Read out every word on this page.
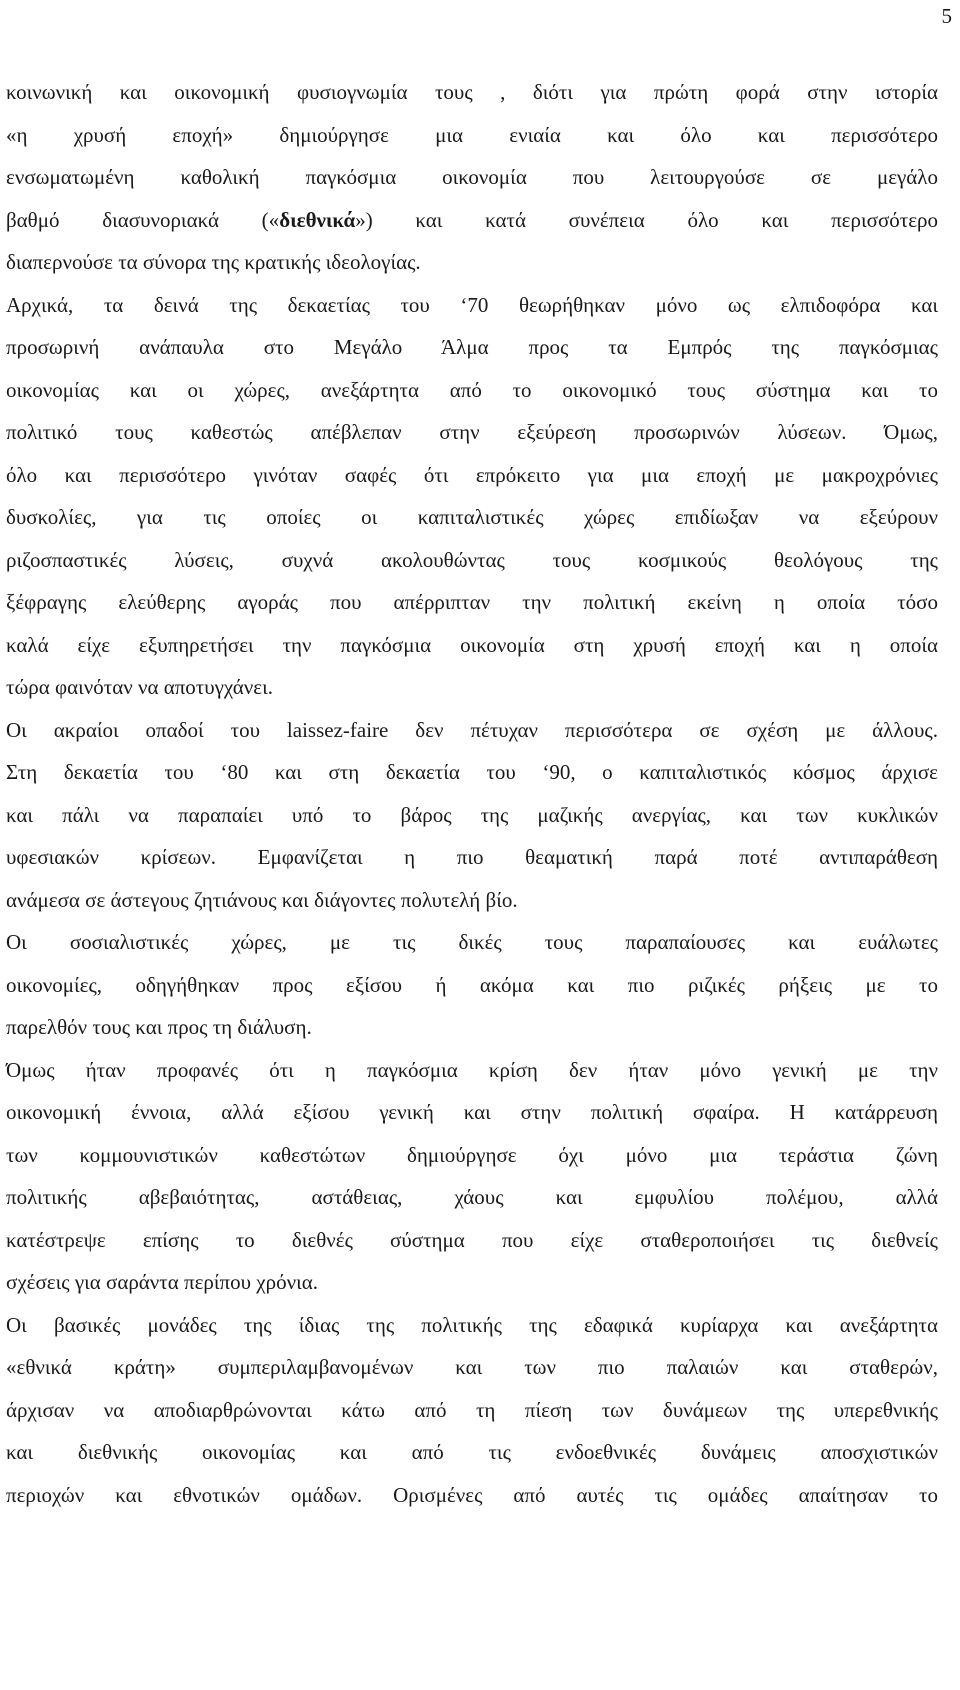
5
κοινωνική και οικονομική φυσιογνωμία τους , διότι για πρώτη φορά στην ιστορία
«η χρυσή εποχή» δημιούργησε μια ενιαία και όλο και περισσότερο
ενσωματωμένη καθολική παγκόσμια οικονομία που λειτουργούσε σε μεγάλο
βαθμό διασυνοριακά («διεθνικά») και κατά συνέπεια όλο και περισσότερο
διαπερνούσε τα σύνορα της κρατικής ιδεολογίας.
Αρχικά, τα δεινά της δεκαετίας του ‘70 θεωρήθηκαν μόνο ως ελπιδοφόρα και
προσωρινή ανάπαυλα στο Μεγάλο Άλμα προς τα Εμπρός της παγκόσμιας
οικονομίας και οι χώρες, ανεξάρτητα από το οικονομικό τους σύστημα και το
πολιτικό τους καθεστώς απέβλεπαν στην εξεύρεση προσωρινών λύσεων. Όμως,
όλο και περισσότερο γινόταν σαφές ότι επρόκειτο για μια εποχή με μακροχρόνιες
δυσκολίες, για τις οποίες οι καπιταλιστικές χώρες επιδίωξαν να εξεύρουν
ριζοσπαστικές λύσεις, συχνά ακολουθώντας τους κοσμικούς θεολόγους της
ξέφραγης ελεύθερης αγοράς που απέρριπταν την πολιτική εκείνη η οποία τόσο
καλά είχε εξυπηρετήσει την παγκόσμια οικονομία στη χρυσή εποχή και η οποία
τώρα φαινόταν να αποτυγχάνει.
Οι ακραίοι οπαδοί του laissez-faire δεν πέτυχαν περισσότερα σε σχέση με άλλους.
Στη δεκαετία του ‘80 και στη δεκαετία του ‘90, ο καπιταλιστικός κόσμος άρχισε
και πάλι να παραπαίει υπό το βάρος της μαζικής ανεργίας, και των κυκλικών
υφεσιακών κρίσεων. Εμφανίζεται η πιο θεαματική παρά ποτέ αντιπαράθεση
ανάμεσα σε άστεγους ζητιάνους και διάγοντες πολυτελή βίο.
Οι σοσιαλιστικές χώρες, με τις δικές τους παραπαίουσες και ευάλωτες
οικονομίες, οδηγήθηκαν προς εξίσου ή ακόμα και πιο ριζικές ρήξεις με το
παρελθόν τους και προς τη διάλυση.
Όμως ήταν προφανές ότι η παγκόσμια κρίση δεν ήταν μόνο γενική με την
οικονομική έννοια, αλλά εξίσου γενική και στην πολιτική σφαίρα. Η κατάρρευση
των κομμουνιστικών καθεστώτων δημιούργησε όχι μόνο μια τεράστια ζώνη
πολιτικής αβεβαιότητας, αστάθειας, χάους και εμφυλίου πολέμου, αλλά
κατέστρεψε επίσης το διεθνές σύστημα που είχε σταθεροποιήσει τις διεθνείς
σχέσεις για σαράντα περίπου χρόνια.
Οι βασικές μονάδες της ίδιας της πολιτικής της εδαφικά κυρίαρχα και ανεξάρτητα
«εθνικά κράτη» συμπεριλαμβανομένων και των πιο παλαιών και σταθερών,
άρχισαν να αποδιαρθρώνονται κάτω από τη πίεση των δυνάμεων της υπερεθνικής
και διεθνικής οικονομίας και από τις ενδοεθνικές δυνάμεις αποσχιστικών
περιοχών και εθνοτικών ομάδων. Ορισμένες από αυτές τις ομάδες απαίτησαν το
